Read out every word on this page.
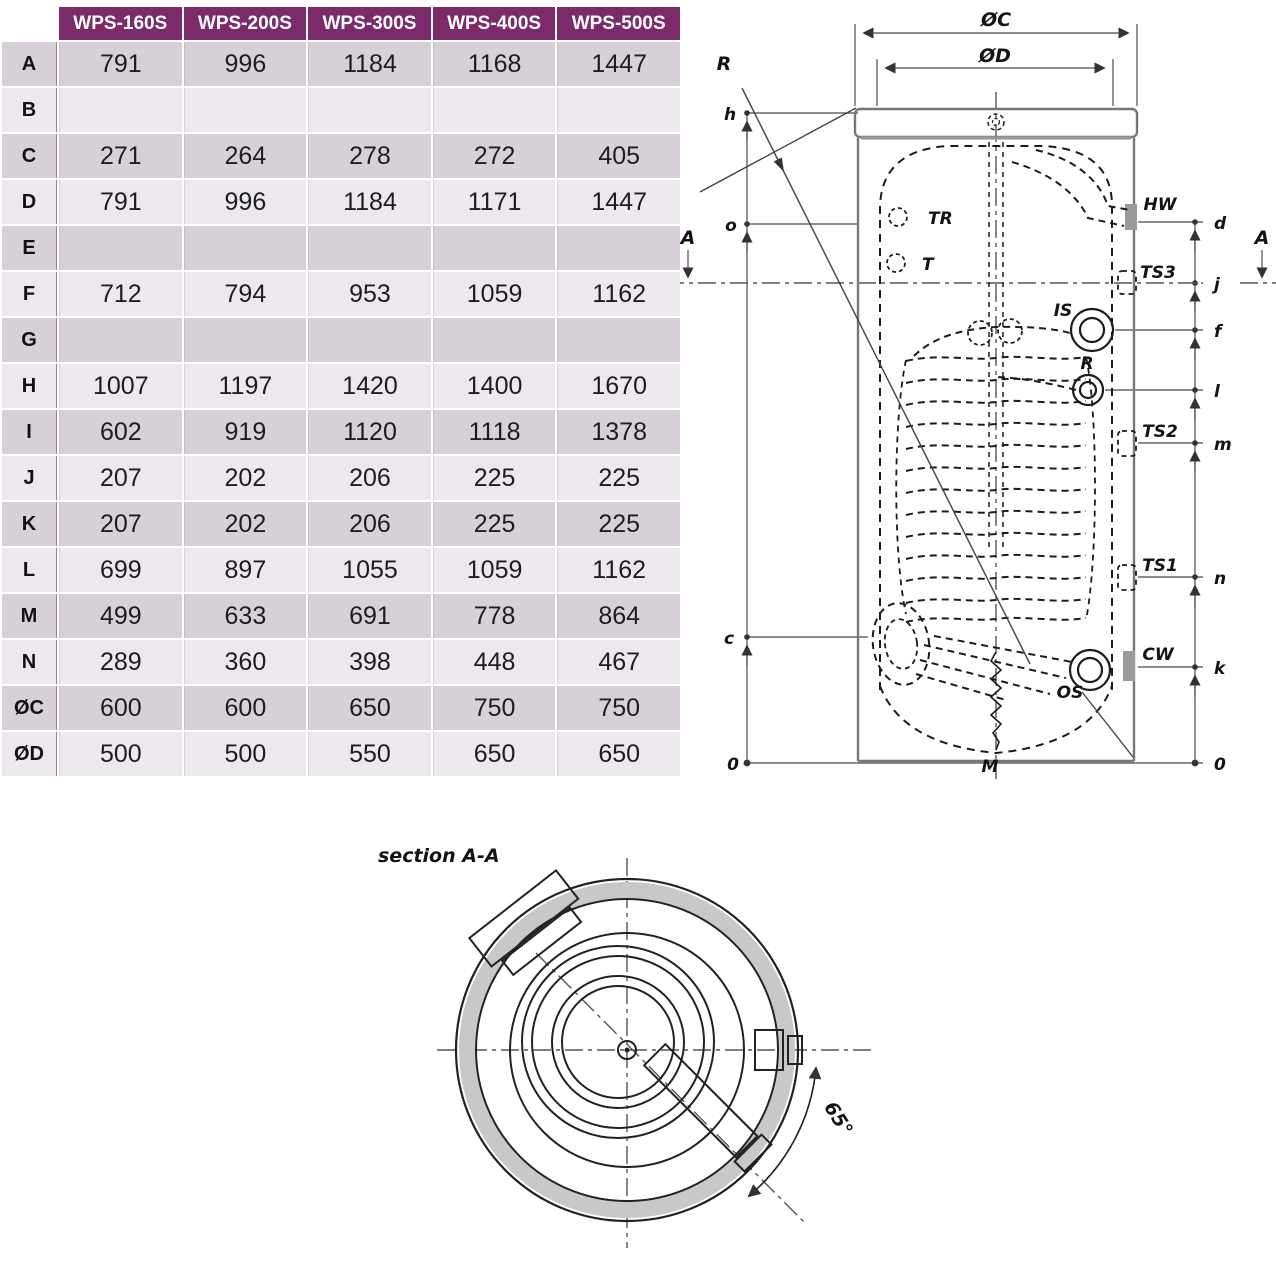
R
h
o
c
0
A	A
ØC
ØD
TR
T
IS
R
OS
M
HW
TS3
TS2
TS1
CW
d
j
f
l
m
n
k
0
section A-A
65°
	WPS-160S	WPS-200S	WPS-300S	WPS-400S	WPS-500S
A	791	996	1184	1168	1447
B					
C	271	264	278	272	405
D	791	996	1184	1171	1447
E					
F	712	794	953	1059	1162
G					
H	1007	1197	1420	1400	1670
I	602	919	1120	1118	1378
J	207	202	206	225	225
K	207	202	206	225	225
L	699	897	1055	1059	1162
M	499	633	691	778	864
N	289	360	398	448	467
ØC	600	600	650	750	750
ØD	500	500	550	650	650
